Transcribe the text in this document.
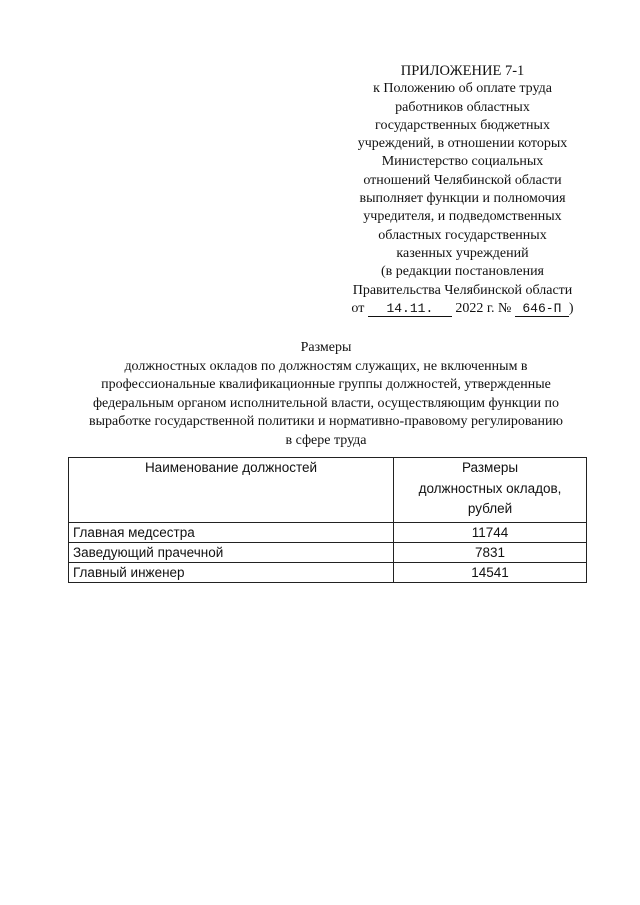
ПРИЛОЖЕНИЕ 7-1
к Положению об оплате труда
работников областных
государственных бюджетных
учреждений, в отношении которых
Министерство социальных
отношений Челябинской области
выполняет функции и полномочия
учредителя, и подведомственных
областных государственных
казенных учреждений
(в редакции постановления
Правительства Челябинской области
от 14.11. 2022 г. № 646-П )
Размеры
должностных окладов по должностям служащих, не включенным в
профессиональные квалификационные группы должностей, утвержденные
федеральным органом исполнительной власти, осуществляющим функции по
выработке государственной политики и нормативно-правовому регулированию
в сфере труда
Наименование должностей	Размеры
должностных окладов,
рублей

Главная медсестра	11744
Заведующий прачечной	7831
Главный инженер	14541
